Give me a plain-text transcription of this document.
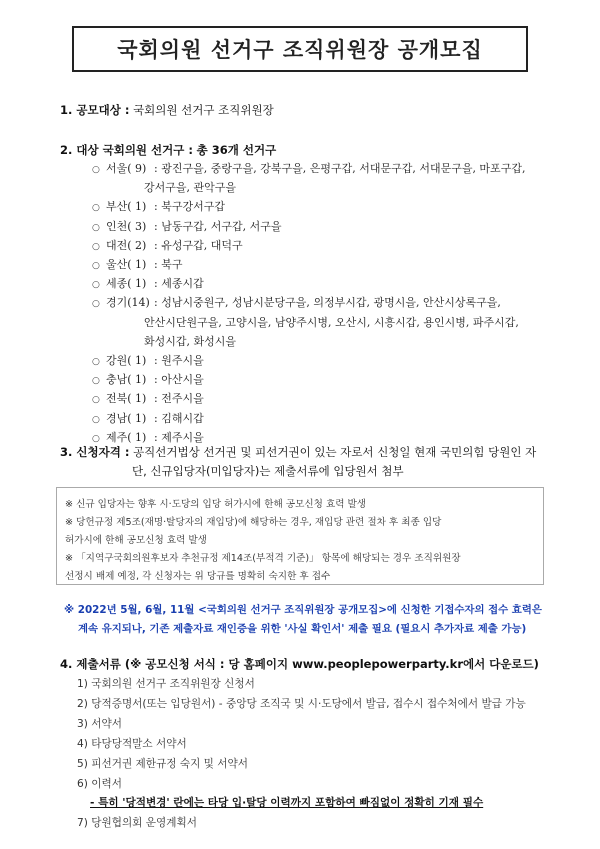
국회의원 선거구 조직위원장 공개모집
1. 공모대상 : 국회의원 선거구 조직위원장
2. 대상 국회의원 선거구 : 총 36개 선거구
○ 서울( 9) : 광진구을, 중랑구을, 강북구을, 은평구갑, 서대문구갑, 서대문구을, 마포구갑,
강서구을, 관악구을
○ 부산( 1) : 북구강서구갑
○ 인천( 3) : 남동구갑, 서구갑, 서구을
○ 대전( 2) : 유성구갑, 대덕구
○ 울산( 1) : 북구
○ 세종( 1) : 세종시갑
○ 경기(14) : 성남시중원구, 성남시분당구을, 의정부시갑, 광명시을, 안산시상록구을,
안산시단원구을, 고양시을, 남양주시병, 오산시, 시흥시갑, 용인시병, 파주시갑,
화성시갑, 화성시을
○ 강원( 1) : 원주시을
○ 충남( 1) : 아산시을
○ 전북( 1) : 전주시을
○ 경남( 1) : 김해시갑
○ 제주( 1) : 제주시을
3. 신청자격 : 공직선거법상 선거권 및 피선거권이 있는 자로서 신청일 현재 국민의힘 당원인 자
단, 신규입당자(미입당자)는 제출서류에 입당원서 첨부
※ 신규 입당자는 향후 시·도당의 입당 허가시에 한해 공모신청 효력 발생
※ 당헌규정 제5조(재명·탈당자의 재입당)에 해당하는 경우, 재입당 관련 절차 후 최종 입당
허가시에 한해 공모신청 효력 발생
※ 「지역구국회의원후보자 추천규정 제14조(부적격 기준)」 항목에 해당되는 경우 조직위원장
선정시 배제 예정, 각 신청자는 위 당규를 명확히 숙지한 후 접수
※ 2022년 5월, 6월, 11월 <국회의원 선거구 조직위원장 공개모집>에 신청한 기접수자의 접수 효력은
계속 유지되나, 기존 제출자료 재인증을 위한 '사실 확인서' 제출 필요 (필요시 추가자료 제출 가능)
4. 제출서류 (※ 공모신청 서식 : 당 홈페이지 www.peoplepowerparty.kr에서 다운로드)
1) 국회의원 선거구 조직위원장 신청서
2) 당적증명서(또는 입당원서) - 중앙당 조직국 및 시·도당에서 발급, 접수시 접수처에서 발급 가능
3) 서약서
4) 타당당적말소 서약서
5) 피선거권 제한규정 숙지 및 서약서
6) 이력서
- 특히 '당적변경' 란에는 타당 입·탈당 이력까지 포함하여 빠짐없이 정확히 기재 필수
7) 당원협의회 운영계획서
